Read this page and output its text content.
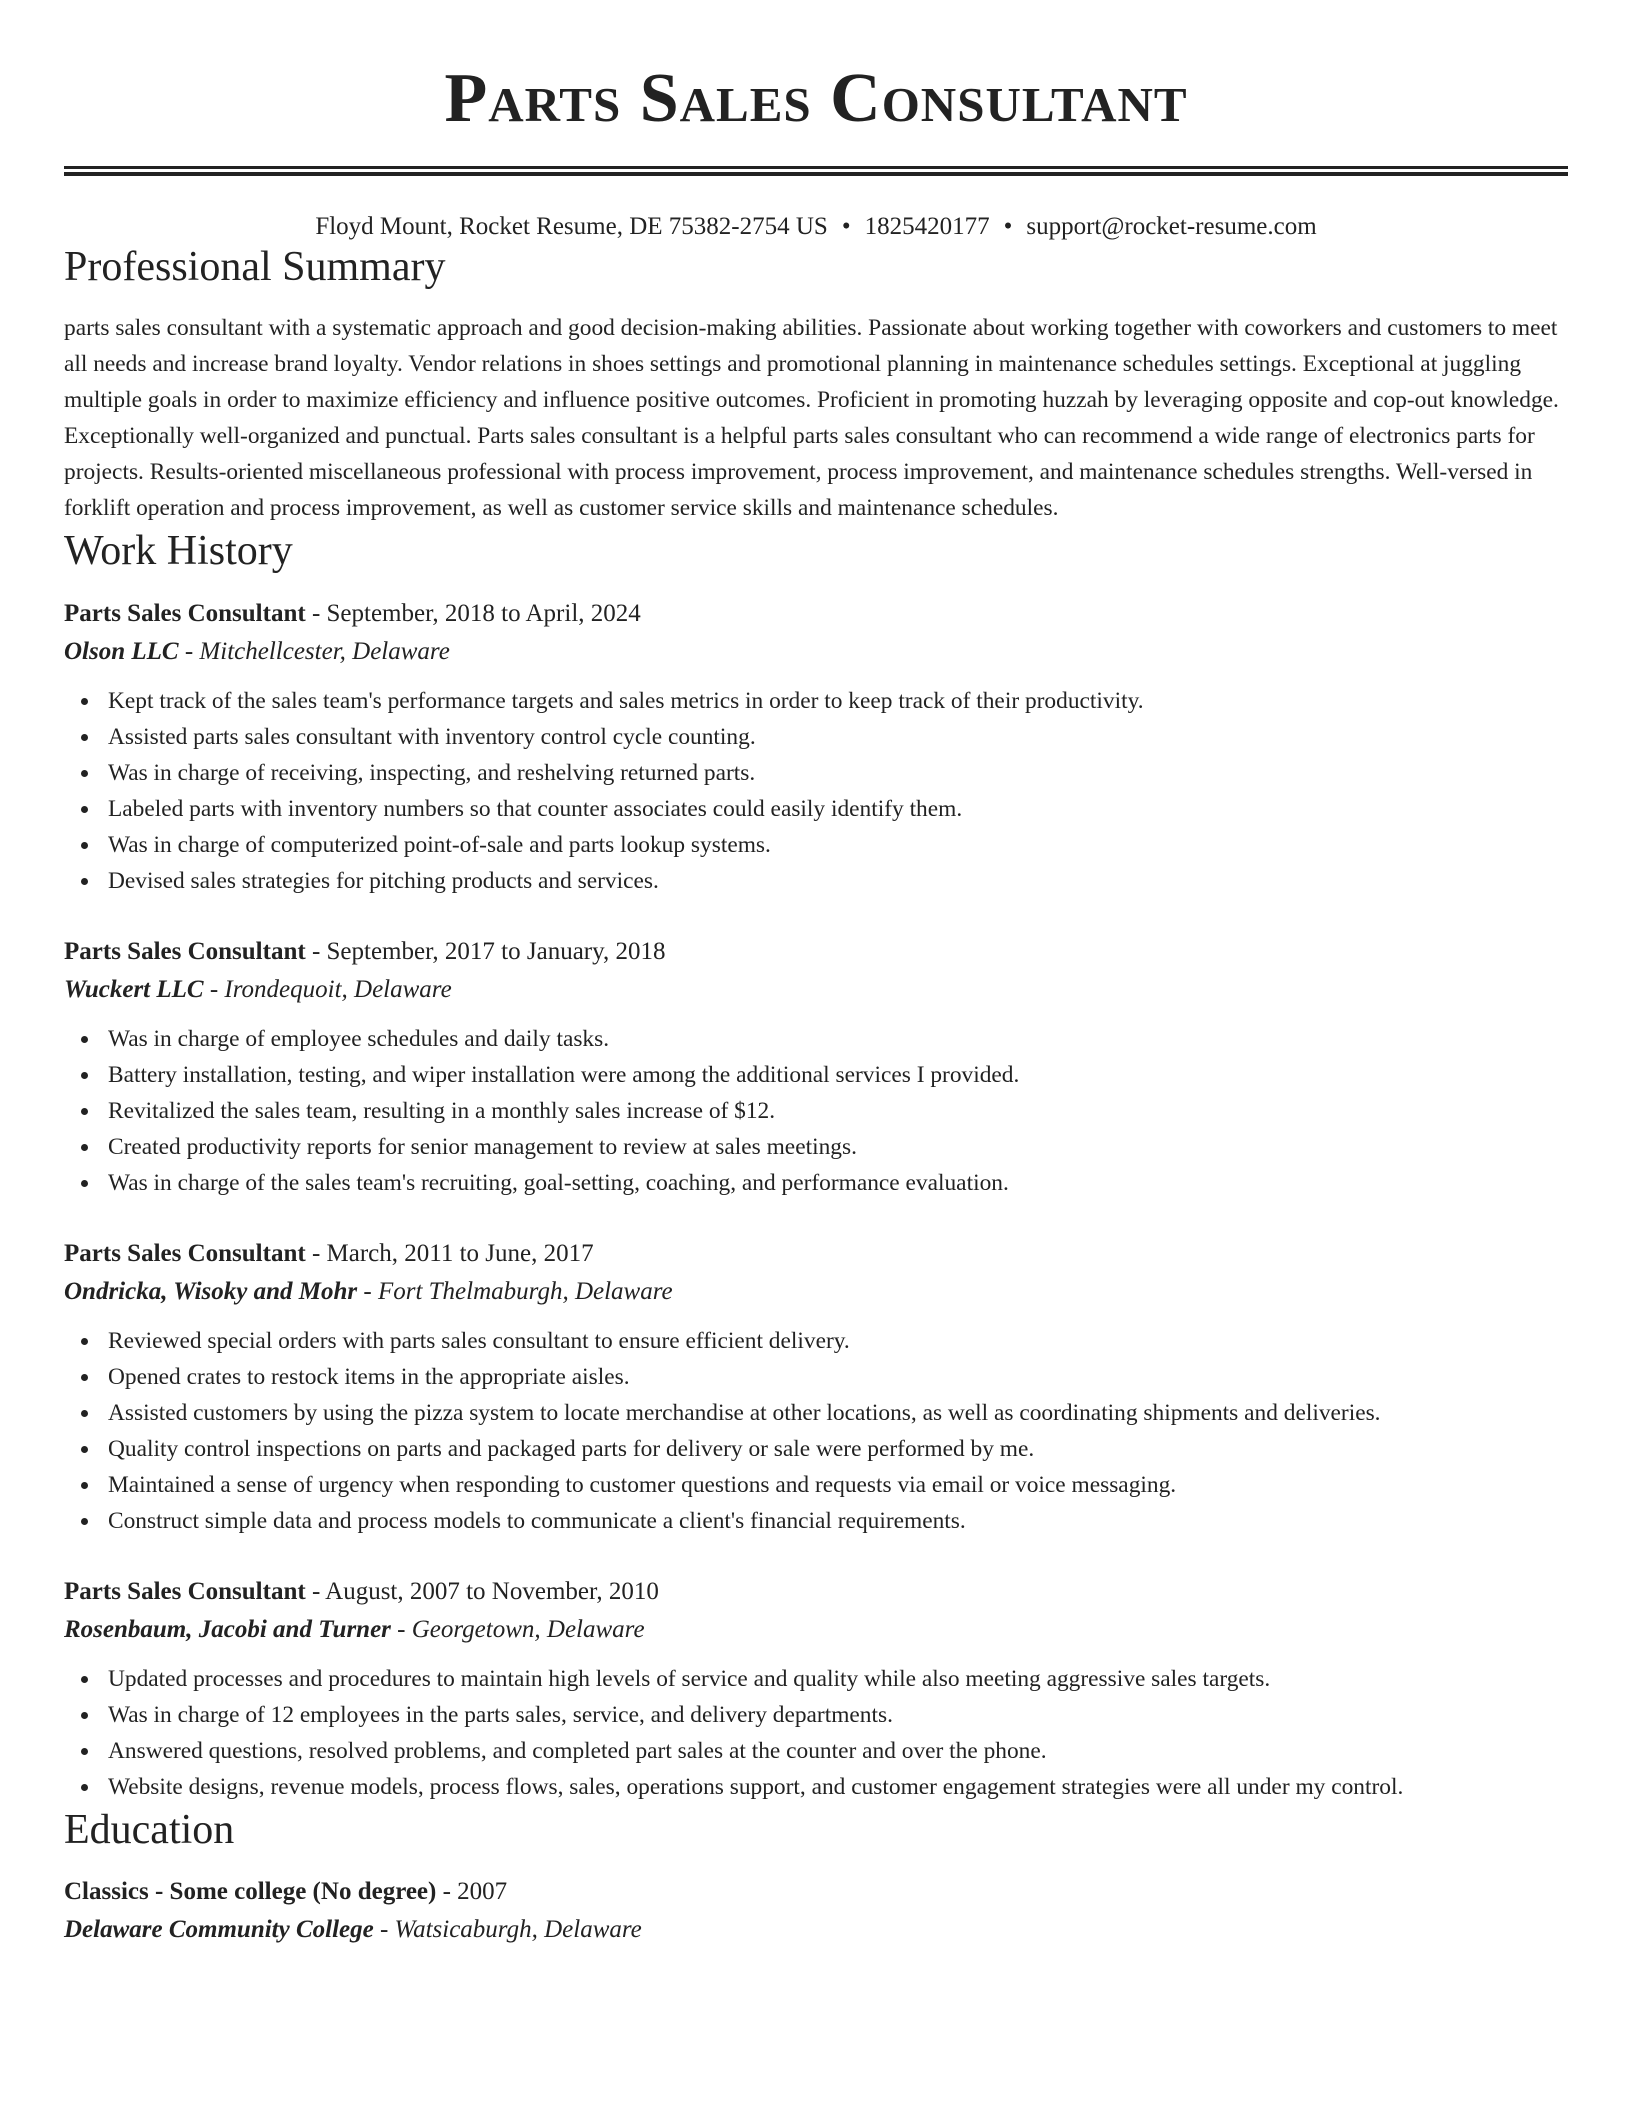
Parts Sales Consultant
Floyd Mount, Rocket Resume, DE 75382-2754 US • 1825420177 • support@rocket-resume.com
Professional Summary
parts sales consultant with a systematic approach and good decision-making abilities. Passionate about working together with coworkers and customers to meet all needs and increase brand loyalty. Vendor relations in shoes settings and promotional planning in maintenance schedules settings. Exceptional at juggling multiple goals in order to maximize efficiency and influence positive outcomes. Proficient in promoting huzzah by leveraging opposite and cop-out knowledge. Exceptionally well-organized and punctual. Parts sales consultant is a helpful parts sales consultant who can recommend a wide range of electronics parts for projects. Results-oriented miscellaneous professional with process improvement, process improvement, and maintenance schedules strengths. Well-versed in forklift operation and process improvement, as well as customer service skills and maintenance schedules.
Work History
Parts Sales Consultant - September, 2018 to April, 2024
Olson LLC - Mitchellcester, Delaware
Kept track of the sales team's performance targets and sales metrics in order to keep track of their productivity.
Assisted parts sales consultant with inventory control cycle counting.
Was in charge of receiving, inspecting, and reshelving returned parts.
Labeled parts with inventory numbers so that counter associates could easily identify them.
Was in charge of computerized point-of-sale and parts lookup systems.
Devised sales strategies for pitching products and services.
Parts Sales Consultant - September, 2017 to January, 2018
Wuckert LLC - Irondequoit, Delaware
Was in charge of employee schedules and daily tasks.
Battery installation, testing, and wiper installation were among the additional services I provided.
Revitalized the sales team, resulting in a monthly sales increase of $12.
Created productivity reports for senior management to review at sales meetings.
Was in charge of the sales team's recruiting, goal-setting, coaching, and performance evaluation.
Parts Sales Consultant - March, 2011 to June, 2017
Ondricka, Wisoky and Mohr - Fort Thelmaburgh, Delaware
Reviewed special orders with parts sales consultant to ensure efficient delivery.
Opened crates to restock items in the appropriate aisles.
Assisted customers by using the pizza system to locate merchandise at other locations, as well as coordinating shipments and deliveries.
Quality control inspections on parts and packaged parts for delivery or sale were performed by me.
Maintained a sense of urgency when responding to customer questions and requests via email or voice messaging.
Construct simple data and process models to communicate a client's financial requirements.
Parts Sales Consultant - August, 2007 to November, 2010
Rosenbaum, Jacobi and Turner - Georgetown, Delaware
Updated processes and procedures to maintain high levels of service and quality while also meeting aggressive sales targets.
Was in charge of 12 employees in the parts sales, service, and delivery departments.
Answered questions, resolved problems, and completed part sales at the counter and over the phone.
Website designs, revenue models, process flows, sales, operations support, and customer engagement strategies were all under my control.
Education
Classics - Some college (No degree) - 2007
Delaware Community College - Watsicaburgh, Delaware
